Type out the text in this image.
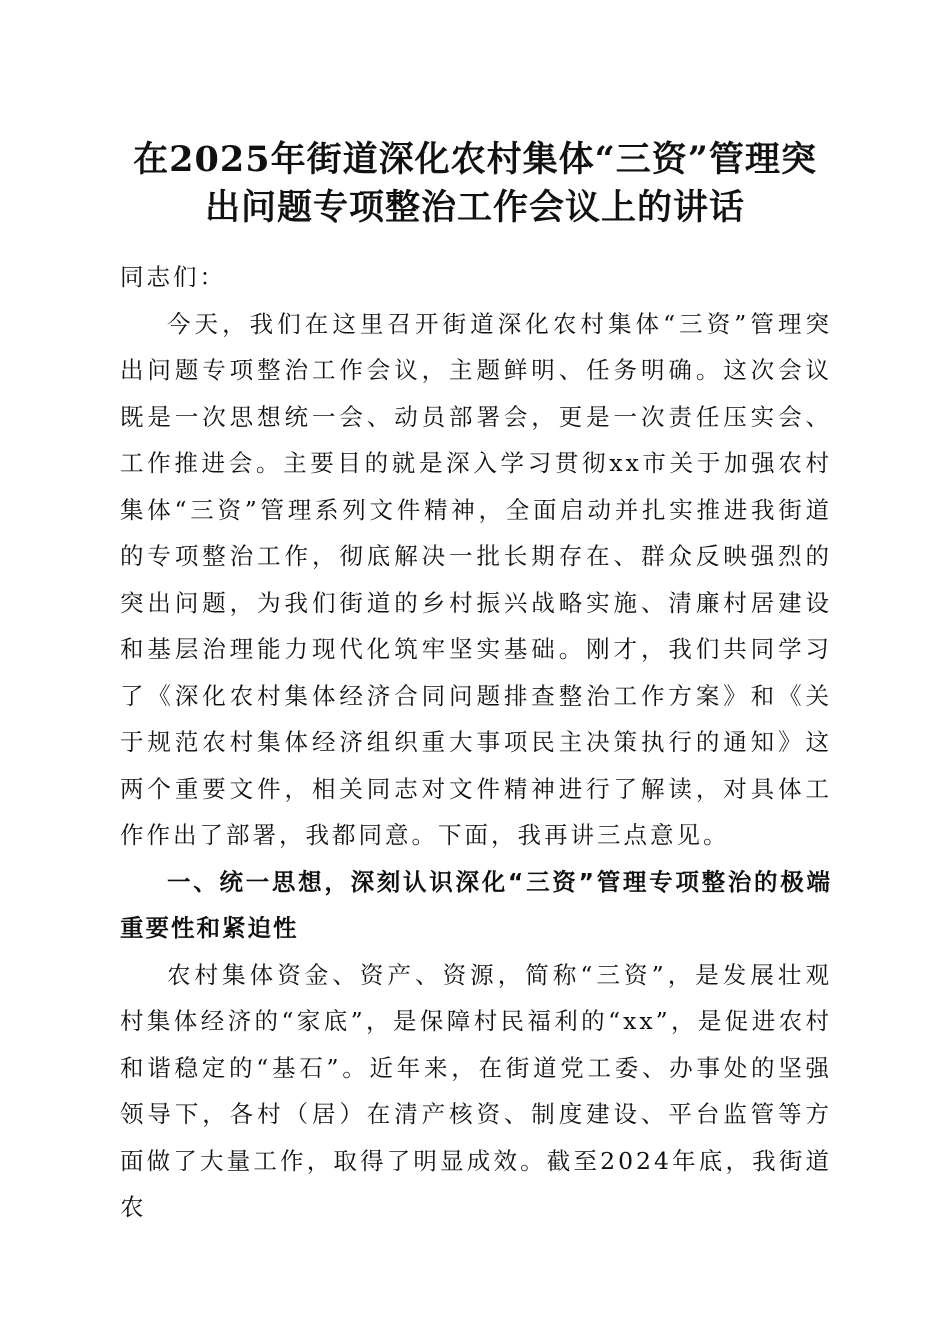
在2025年街道深化农村集体“三资”管理突
出问题专项整治工作会议上的讲话

同志们：

今天，我们在这里召开街道深化农村集体“三资”管理突出问题专项整治工作会议，主题鲜明、任务明确。这次会议既是一次思想统一会、动员部署会，更是一次责任压实会、工作推进会。主要目的就是深入学习贯彻xx市关于加强农村集体“三资”管理系列文件精神，全面启动并扎实推进我街道的专项整治工作，彻底解决一批长期存在、群众反映强烈的突出问题，为我们街道的乡村振兴战略实施、清廉村居建设和基层治理能力现代化筑牢坚实基础。刚才，我们共同学习了《深化农村集体经济合同问题排查整治工作方案》和《关于规范农村集体经济组织重大事项民主决策执行的通知》这两个重要文件，相关同志对文件精神进行了解读，对具体工作作出了部署，我都同意。下面，我再讲三点意见。

一、统一思想，深刻认识深化“三资”管理专项整治的极端重要性和紧迫性

农村集体资金、资产、资源，简称“三资”，是发展壮观村集体经济的“家底”，是保障村民福利的“xx”，是促进农村和谐稳定的“基石”。近年来，在街道党工委、办事处的坚强领导下，各村（居）在清产核资、制度建设、平台监管等方面做了大量工作，取得了明显成效。截至2024年底，我街道农
